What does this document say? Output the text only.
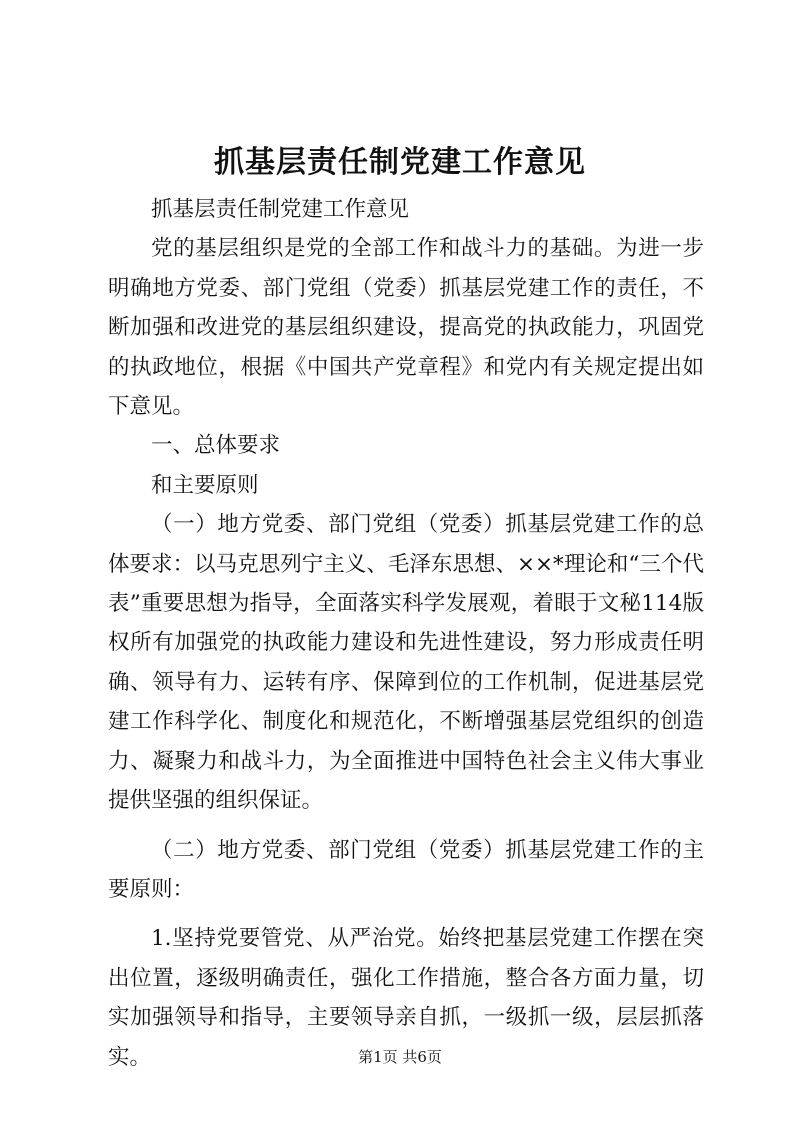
抓基层责任制党建工作意见

抓基层责任制党建工作意见

党的基层组织是党的全部工作和战斗力的基础。为进一步明确地方党委、部门党组（党委）抓基层党建工作的责任，不断加强和改进党的基层组织建设，提高党的执政能力，巩固党的执政地位，根据《中国共产党章程》和党内有关规定提出如下意见。

一、总体要求

和主要原则

（一）地方党委、部门党组（党委）抓基层党建工作的总体要求：以马克思列宁主义、毛泽东思想、××*理论和“三个代表”重要思想为指导，全面落实科学发展观，着眼于文秘114版权所有加强党的执政能力建设和先进性建设，努力形成责任明确、领导有力、运转有序、保障到位的工作机制，促进基层党建工作科学化、制度化和规范化，不断增强基层党组织的创造力、凝聚力和战斗力，为全面推进中国特色社会主义伟大事业提供坚强的组织保证。

（二）地方党委、部门党组（党委）抓基层党建工作的主要原则：

1.坚持党要管党、从严治党。始终把基层党建工作摆在突出位置，逐级明确责任，强化工作措施，整合各方面力量，切实加强领导和指导，主要领导亲自抓，一级抓一级，层层抓落实。	第1页 共6页
